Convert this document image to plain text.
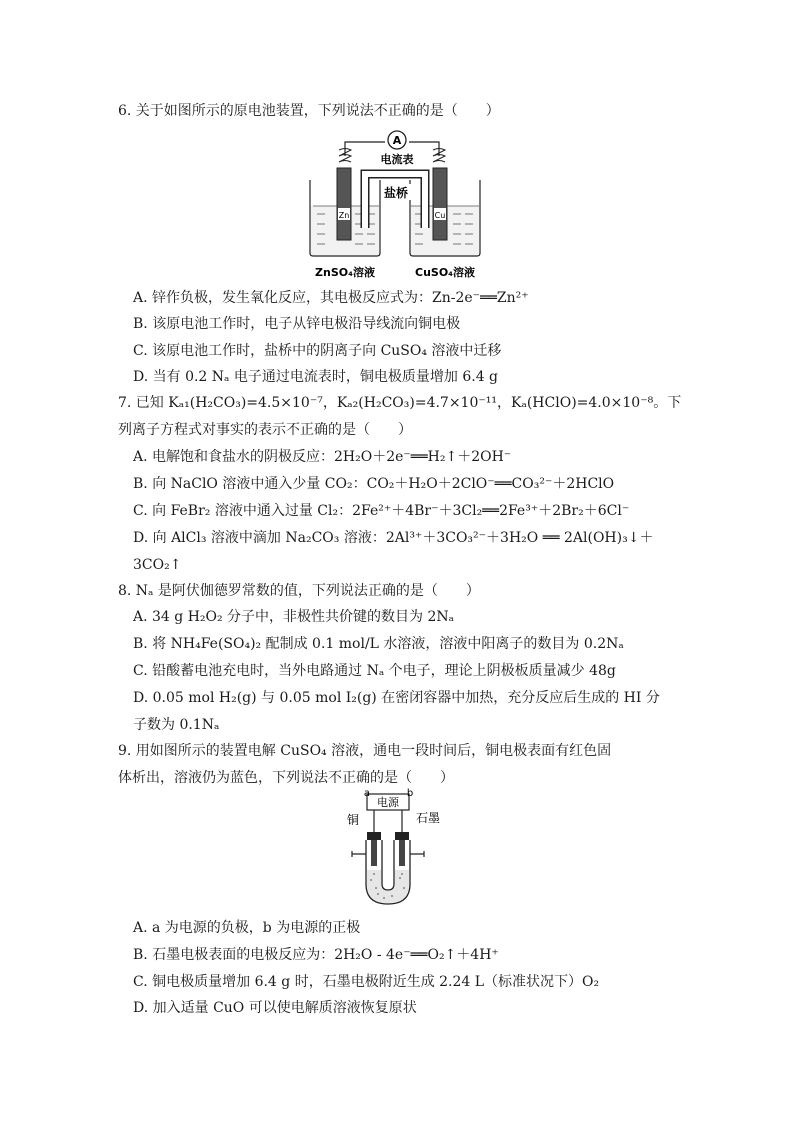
6. 关于如图所示的原电池装置，下列说法不正确的是（　　）
A
电流表
Zn	Cu
盐桥
ZnSO₄溶液	CuSO₄溶液
A. 锌作负极，发生氧化反应，其电极反应式为：Zn-2e⁻══Zn²⁺
B. 该原电池工作时，电子从锌电极沿导线流向铜电极
C. 该原电池工作时，盐桥中的阴离子向 CuSO₄ 溶液中迁移
D. 当有 0.2 Nₐ 电子通过电流表时，铜电极质量增加 6.4 g
7. 已知 Kₐ₁(H₂CO₃)=4.5×10⁻⁷，Kₐ₂(H₂CO₃)=4.7×10⁻¹¹，Kₐ(HClO)=4.0×10⁻⁸。下
列离子方程式对事实的表示不正确的是（　　）
A. 电解饱和食盐水的阴极反应：2H₂O＋2e⁻══H₂↑＋2OH⁻
B. 向 NaClO 溶液中通入少量 CO₂：CO₂＋H₂O＋2ClO⁻══CO₃²⁻＋2HClO
C. 向 FeBr₂ 溶液中通入过量 Cl₂：2Fe²⁺＋4Br⁻＋3Cl₂══2Fe³⁺＋2Br₂＋6Cl⁻
D. 向 AlCl₃ 溶液中滴加 Na₂CO₃ 溶液：2Al³⁺＋3CO₃²⁻＋3H₂O ══ 2Al(OH)₃↓＋
3CO₂↑
8. Nₐ 是阿伏伽德罗常数的值，下列说法正确的是（　　）
A. 34 g H₂O₂ 分子中，非极性共价键的数目为 2Nₐ
B. 将 NH₄Fe(SO₄)₂ 配制成 0.1 mol/L 水溶液，溶液中阳离子的数目为 0.2Nₐ
C. 铅酸蓄电池充电时，当外电路通过 Nₐ 个电子，理论上阴极板质量减少 48g
D. 0.05 mol H₂(g) 与 0.05 mol I₂(g) 在密闭容器中加热，充分反应后生成的 HI 分
子数为 0.1Nₐ
9. 用如图所示的装置电解 CuSO₄ 溶液，通电一段时间后，铜电极表面有红色固
体析出，溶液仍为蓝色，下列说法不正确的是（　　）
电源
a	b
铜	石墨
A. a 为电源的负极，b 为电源的正极
B. 石墨电极表面的电极反应为：2H₂O - 4e⁻══O₂↑＋4H⁺
C. 铜电极质量增加 6.4 g 时，石墨电极附近生成 2.24 L（标准状况下）O₂
D. 加入适量 CuO 可以使电解质溶液恢复原状
